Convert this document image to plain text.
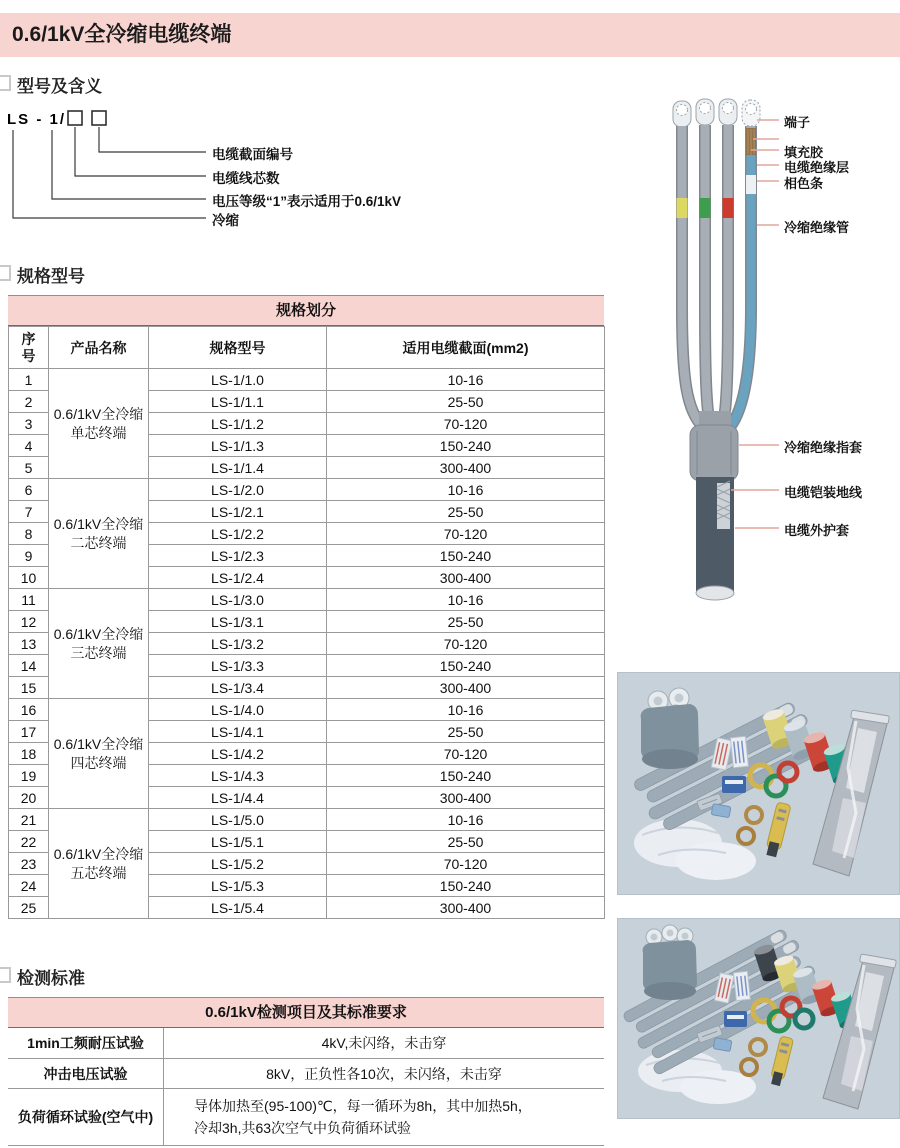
0.6/1kV全冷缩电缆终端
型号及含义
LS - 1/
电缆截面编号
电缆线芯数
电压等级“1”表示适用于0.6/1kV
冷缩
规格型号
规格划分
序号	产品名称	规格型号	适用电缆截面(mm2)
1	0.6/1kV全冷缩单芯终端	LS-1/1.0	10-16
2		LS-1/1.1	25-50
3		LS-1/1.2	70-120
4		LS-1/1.3	150-240
5		LS-1/1.4	300-400
6	0.6/1kV全冷缩二芯终端	LS-1/2.0	10-16
7		LS-1/2.1	25-50
8		LS-1/2.2	70-120
9		LS-1/2.3	150-240
10		LS-1/2.4	300-400
11	0.6/1kV全冷缩三芯终端	LS-1/3.0	10-16
12		LS-1/3.1	25-50
13		LS-1/3.2	70-120
14		LS-1/3.3	150-240
15		LS-1/3.4	300-400
16	0.6/1kV全冷缩四芯终端	LS-1/4.0	10-16
17		LS-1/4.1	25-50
18		LS-1/4.2	70-120
19		LS-1/4.3	150-240
20		LS-1/4.4	300-400
21	0.6/1kV全冷缩五芯终端	LS-1/5.0	10-16
22		LS-1/5.1	25-50
23		LS-1/5.2	70-120
24		LS-1/5.3	150-240
25		LS-1/5.4	300-400
检测标准
0.6/1kV检测项目及其标准要求
1min工频耐压试验	4kV,未闪络，未击穿
冲击电压试验	8kV，正负性各10次，未闪络，未击穿
负荷循环试验(空气中)
导体加热至(95-100)℃，每一循环为8h，其中加热5h，
冷却3h,共63次空气中负荷循环试验
端子
填充胶
电缆绝缘层
相色条
冷缩绝缘管
冷缩绝缘指套
电缆铠装地线
电缆外护套
